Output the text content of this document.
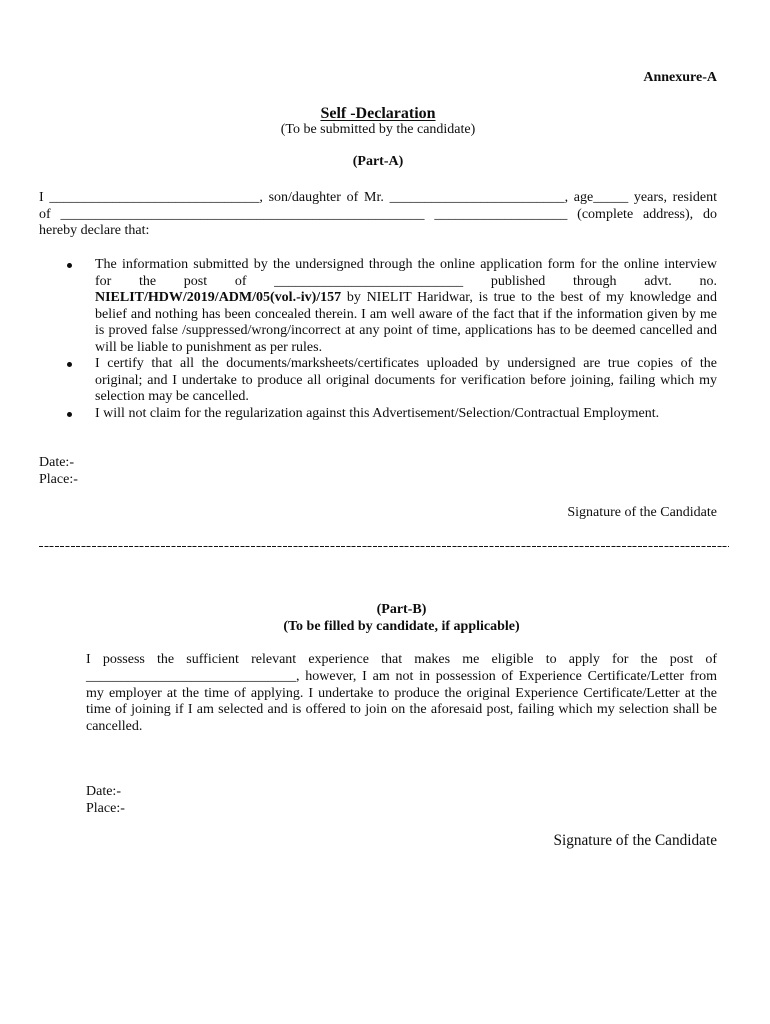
Annexure-A
Self -Declaration
(To be submitted by the candidate)
(Part-A)
I ______________________________, son/daughter of Mr. _________________________, age_____ years, resident
of ____________________________________________________ ___________________ (complete address), do
hereby declare that:
The information submitted by the undersigned through the online application form for the online interview
for the post of ___________________________ published through advt. no.
NIELIT/HDW/2019/ADM/05(vol.-iv)/157 by NIELIT Haridwar, is true to the best of my knowledge and
belief and nothing has been concealed therein. I am well aware of the fact that if the information given by me
is proved false /suppressed/wrong/incorrect at any point of time, applications has to be deemed cancelled and
will be liable to punishment as per rules.
I certify that all the documents/marksheets/certificates uploaded by undersigned are true copies of the
original; and I undertake to produce all original documents for verification before joining, failing which my
selection may be cancelled.
I will not claim for the regularization against this Advertisement/Selection/Contractual Employment.
Date:-
Place:-
Signature of the Candidate
(Part-B)
(To be filled by candidate, if applicable)
I possess the sufficient relevant experience that makes me eligible to apply for the post of
______________________________, however, I am not in possession of Experience Certificate/Letter from
my employer at the time of applying. I undertake to produce the original Experience Certificate/Letter at the
time of joining if I am selected and is offered to join on the aforesaid post, failing which my selection shall be
cancelled.
Date:-
Place:-
Signature of the Candidate
